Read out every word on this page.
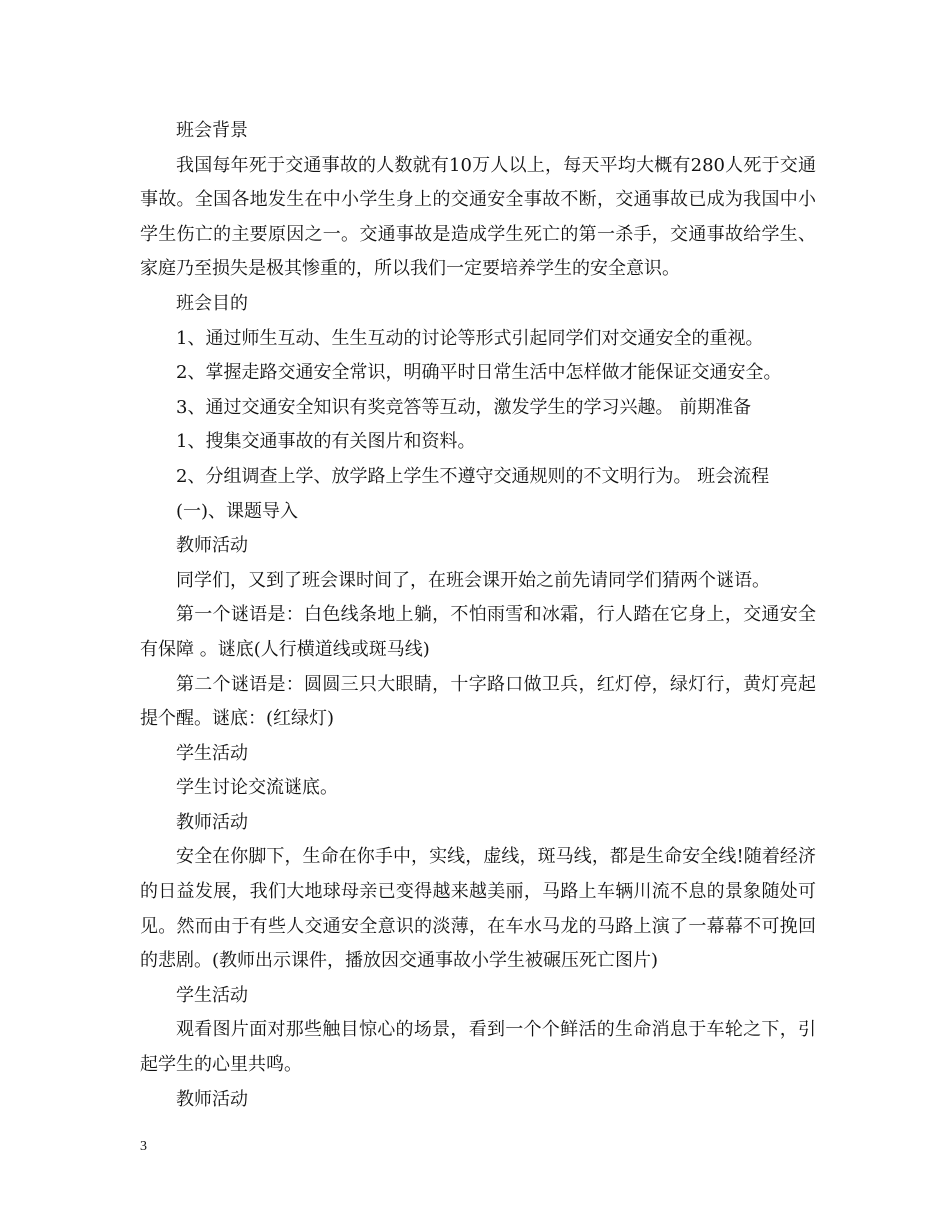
班会背景

我国每年死于交通事故的人数就有10万人以上，每天平均大概有280人死于交通事故。全国各地发生在中小学生身上的交通安全事故不断，交通事故已成为我国中小学生伤亡的主要原因之一。交通事故是造成学生死亡的第一杀手，交通事故给学生、家庭乃至损失是极其惨重的，所以我们一定要培养学生的安全意识。

班会目的

1、通过师生互动、生生互动的讨论等形式引起同学们对交通安全的重视。

2、掌握走路交通安全常识，明确平时日常生活中怎样做才能保证交通安全。

3、通过交通安全知识有奖竞答等互动，激发学生的学习兴趣。 前期准备

1、搜集交通事故的有关图片和资料。

2、分组调查上学、放学路上学生不遵守交通规则的不文明行为。 班会流程

(一)、课题导入

教师活动

同学们，又到了班会课时间了，在班会课开始之前先请同学们猜两个谜语。

第一个谜语是：白色线条地上躺，不怕雨雪和冰霜，行人踏在它身上，交通安全有保障 。谜底(人行横道线或斑马线)

第二个谜语是：圆圆三只大眼睛，十字路口做卫兵，红灯停，绿灯行，黄灯亮起提个醒。谜底：(红绿灯)

学生活动

学生讨论交流谜底。

教师活动

安全在你脚下，生命在你手中，实线，虚线，斑马线，都是生命安全线!随着经济的日益发展，我们大地球母亲已变得越来越美丽，马路上车辆川流不息的景象随处可见。然而由于有些人交通安全意识的淡薄，在车水马龙的马路上演了一幕幕不可挽回的悲剧。(教师出示课件，播放因交通事故小学生被碾压死亡图片)

学生活动

观看图片面对那些触目惊心的场景，看到一个个鲜活的生命消息于车轮之下，引起学生的心里共鸣。

教师活动

3
